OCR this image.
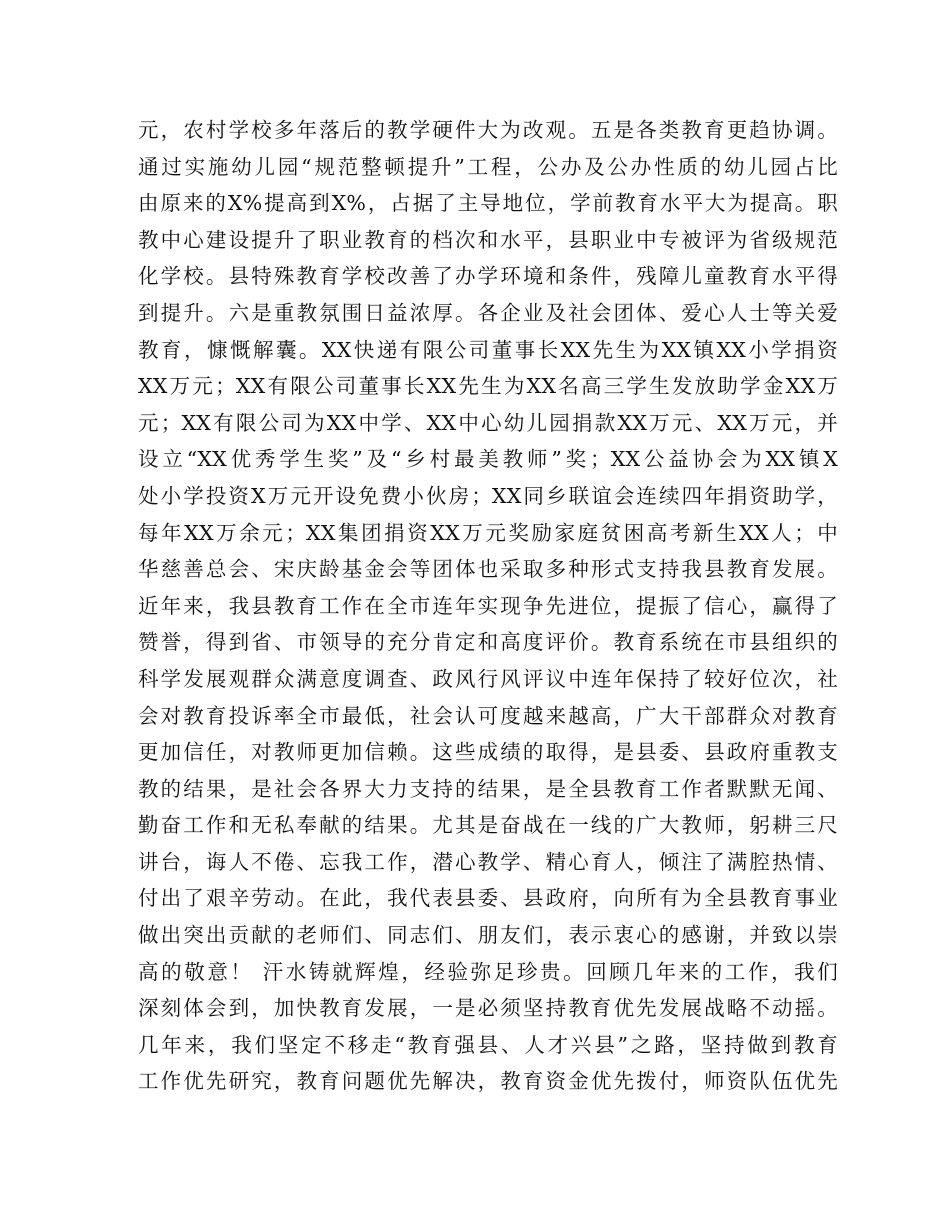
元，农村学校多年落后的教学硬件大为改观。五是各类教育更趋协调。
通过实施幼儿园“规范整顿提升”工程，公办及公办性质的幼儿园占比
由原来的X%提高到X%，占据了主导地位，学前教育水平大为提高。职
教中心建设提升了职业教育的档次和水平，县职业中专被评为省级规范
化学校。县特殊教育学校改善了办学环境和条件，残障儿童教育水平得
到提升。六是重教氛围日益浓厚。各企业及社会团体、爱心人士等关爱
教育，慷慨解囊。XX快递有限公司董事长XX先生为XX镇XX小学捐资
XX万元；XX有限公司董事长XX先生为XX名高三学生发放助学金XX万
元；XX有限公司为XX中学、XX中心幼儿园捐款XX万元、XX万元，并
设立“XX优秀学生奖”及“乡村最美教师”奖；XX公益协会为XX镇X
处小学投资X万元开设免费小伙房；XX同乡联谊会连续四年捐资助学，
每年XX万余元；XX集团捐资XX万元奖励家庭贫困高考新生XX人；中
华慈善总会、宋庆龄基金会等团体也采取多种形式支持我县教育发展。
近年来，我县教育工作在全市连年实现争先进位，提振了信心，赢得了
赞誉，得到省、市领导的充分肯定和高度评价。教育系统在市县组织的
科学发展观群众满意度调查、政风行风评议中连年保持了较好位次，社
会对教育投诉率全市最低，社会认可度越来越高，广大干部群众对教育
更加信任，对教师更加信赖。这些成绩的取得，是县委、县政府重教支
教的结果，是社会各界大力支持的结果，是全县教育工作者默默无闻、
勤奋工作和无私奉献的结果。尤其是奋战在一线的广大教师，躬耕三尺
讲台，诲人不倦、忘我工作，潜心教学、精心育人，倾注了满腔热情、
付出了艰辛劳动。在此，我代表县委、县政府，向所有为全县教育事业
做出突出贡献的老师们、同志们、朋友们，表示衷心的感谢，并致以崇
高的敬意！ 汗水铸就辉煌，经验弥足珍贵。回顾几年来的工作，我们
深刻体会到，加快教育发展，一是必须坚持教育优先发展战略不动摇。
几年来，我们坚定不移走“教育强县、人才兴县”之路，坚持做到教育
工作优先研究，教育问题优先解决，教育资金优先拨付，师资队伍优先
